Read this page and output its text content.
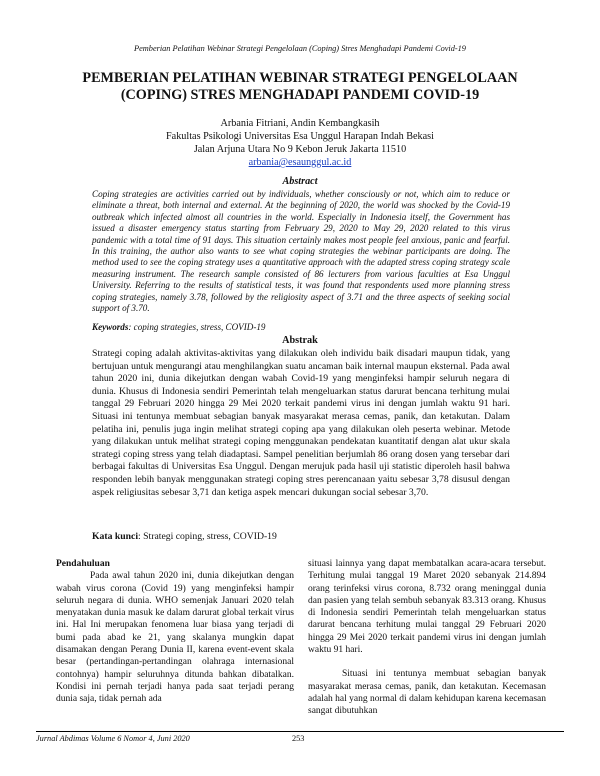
Pemberian Pelatihan Webinar Strategi Pengelolaan (Coping) Stres Menghadapi Pandemi Covid-19
PEMBERIAN PELATIHAN WEBINAR STRATEGI PENGELOLAAN
(COPING) STRES MENGHADAPI PANDEMI COVID-19
Arbania Fitriani, Andin Kembangkasih
Fakultas Psikologi Universitas Esa Unggul Harapan Indah Bekasi
Jalan Arjuna Utara No 9 Kebon Jeruk Jakarta 11510
arbania@esaunggul.ac.id
Abstract
Coping strategies are activities carried out by individuals, whether consciously or not, which aim to reduce or eliminate a threat, both internal and external. At the beginning of 2020, the world was shocked by the Covid-19 outbreak which infected almost all countries in the world. Especially in Indonesia itself, the Government has issued a disaster emergency status starting from February 29, 2020 to May 29, 2020 related to this virus pandemic with a total time of 91 days. This situation certainly makes most people feel anxious, panic and fearful. In this training, the author also wants to see what coping strategies the webinar participants are doing. The method used to see the coping strategy uses a quantitative approach with the adapted stress coping strategy scale measuring instrument. The research sample consisted of 86 lecturers from various faculties at Esa Unggul University. Referring to the results of statistical tests, it was found that respondents used more planning stress coping strategies, namely 3.78, followed by the religiosity aspect of 3.71 and the three aspects of seeking social support of 3.70.
Keywords: coping strategies, stress, COVID-19
Abstrak
Strategi coping adalah aktivitas-aktivitas yang dilakukan oleh individu baik disadari maupun tidak, yang bertujuan untuk mengurangi atau menghilangkan suatu ancaman baik internal maupun eksternal. Pada awal tahun 2020 ini, dunia dikejutkan dengan wabah Covid-19 yang menginfeksi hampir seluruh negara di dunia. Khusus di Indonesia sendiri Pemerintah telah mengeluarkan status darurat bencana terhitung mulai tanggal 29 Februari 2020 hingga 29 Mei 2020 terkait pandemi virus ini dengan jumlah waktu 91 hari. Situasi ini tentunya membuat sebagian banyak masyarakat merasa cemas, panik, dan ketakutan. Dalam pelatiha ini, penulis juga ingin melihat strategi coping apa yang dilakukan oleh peserta webinar. Metode yang dilakukan untuk melihat strategi coping menggunakan pendekatan kuantitatif dengan alat ukur skala strategi coping stress yang telah diadaptasi. Sampel penelitian berjumlah 86 orang dosen yang tersebar dari berbagai fakultas di Universitas Esa Unggul. Dengan merujuk pada hasil uji statistic diperoleh hasil bahwa responden lebih banyak menggunakan strategi coping stres perencanaan yaitu sebesar 3,78 disusul dengan aspek religiusitas sebesar 3,71 dan ketiga aspek mencari dukungan social sebesar 3,70.
Kata kunci: Strategi coping, stress, COVID-19

Pendahuluan

Pada awal tahun 2020 ini, dunia dikejutkan dengan wabah virus corona (Covid 19) yang menginfeksi hampir seluruh negara di dunia. WHO semenjak Januari 2020 telah menyatakan dunia masuk ke dalam darurat global terkait virus ini. Hal Ini merupakan fenomena luar biasa yang terjadi di bumi pada abad ke 21, yang skalanya mungkin dapat disamakan dengan Perang Dunia II, karena event-event skala besar (pertandingan-pertandingan olahraga internasional contohnya) hampir seluruhnya ditunda bahkan dibatalkan. Kondisi ini pernah terjadi hanya pada saat terjadi perang dunia saja, tidak pernah ada

situasi lainnya yang dapat membatalkan acara-acara tersebut. Terhitung mulai tanggal 19 Maret 2020 sebanyak 214.894 orang terinfeksi virus corona, 8.732 orang meninggal dunia dan pasien yang telah sembuh sebanyak 83.313 orang. Khusus di Indonesia sendiri Pemerintah telah mengeluarkan status darurat bencana terhitung mulai tanggal 29 Februari 2020 hingga 29 Mei 2020 terkait pandemi virus ini dengan jumlah waktu 91 hari.

Situasi ini tentunya membuat sebagian banyak masyarakat merasa cemas, panik, dan ketakutan. Kecemasan adalah hal yang normal di dalam kehidupan karena kecemasan sangat dibutuhkan

Jurnal Abdimas Volume 6 Nomor 4, Juni 2020	253
